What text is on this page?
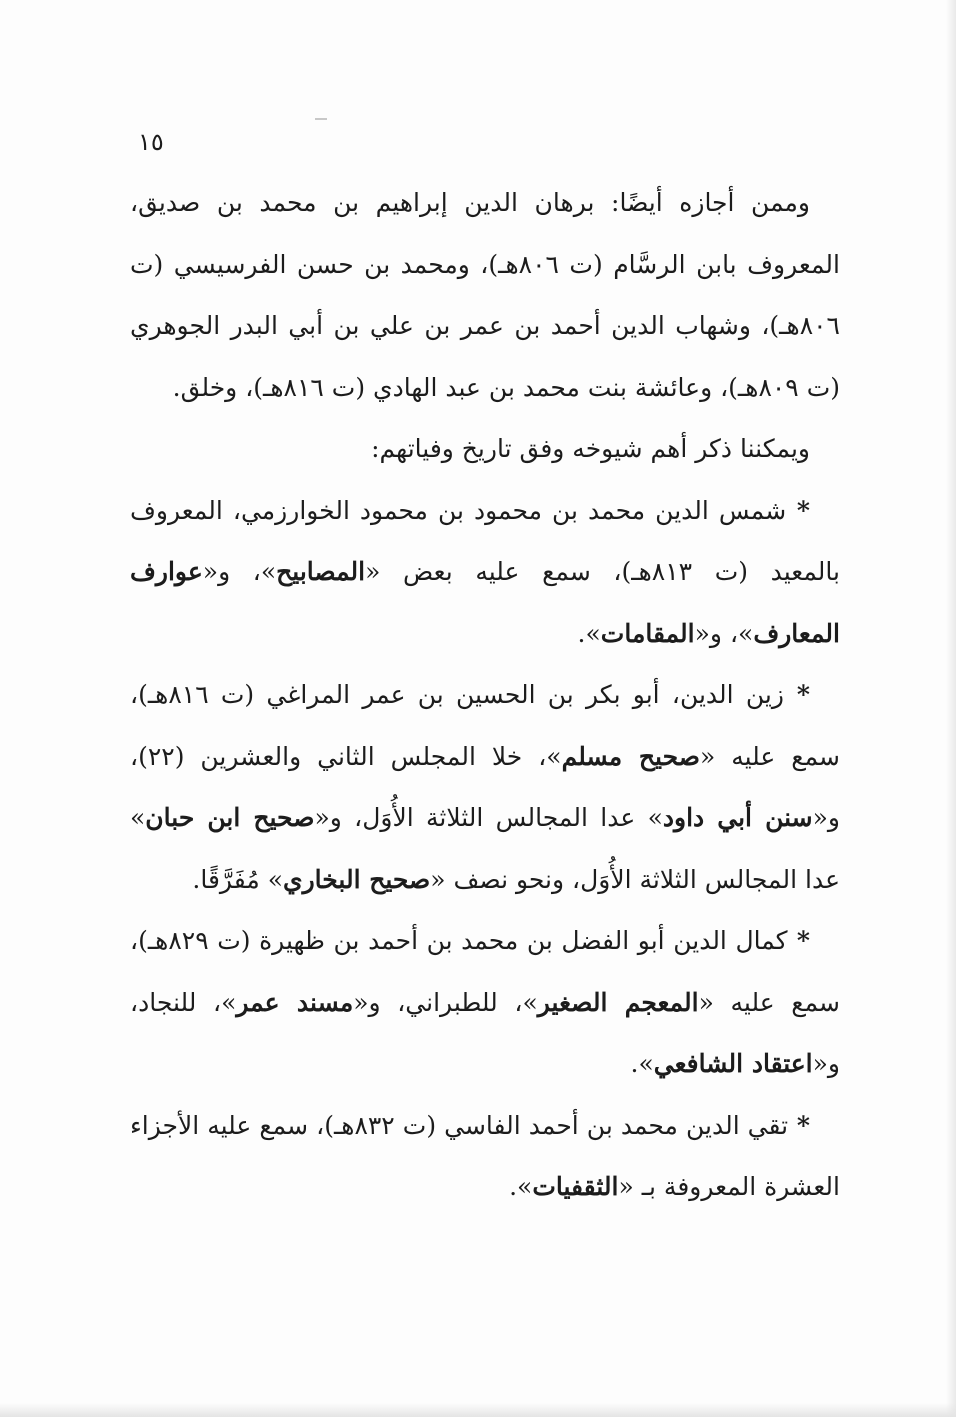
١٥

وممن أجازه أيضًا: برهان الدين إبراهيم بن محمد بن صديق، المعروف بابن الرسَّام (ت ٨٠٦هـ)، ومحمد بن حسن الفرسيسي (ت ٨٠٦هـ)، وشهاب الدين أحمد بن عمر بن علي بن أبي البدر الجوهري (ت ٨٠٩هـ)، وعائشة بنت محمد بن عبد الهادي (ت ٨١٦هـ)، وخلق.

ويمكننا ذكر أهم شيوخه وفق تاريخ وفياتهم:

* شمس الدين محمد بن محمود بن محمود الخوارزمي، المعروف بالمعيد (ت ٨١٣هـ)، سمع عليه بعض «المصابيح»، و«عوارف المعارف»، و«المقامات».

* زين الدين، أبو بكر بن الحسين بن عمر المراغي (ت ٨١٦هـ)، سمع عليه «صحيح مسلم»، خلا المجلس الثاني والعشرين (٢٢)، و«سنن أبي داود» عدا المجالس الثلاثة الأُوَل، و«صحيح ابن حبان» عدا المجالس الثلاثة الأُوَل، ونحو نصف «صحيح البخاري» مُفَرَّقًا.

* كمال الدين أبو الفضل بن محمد بن أحمد بن ظهيرة (ت ٨٢٩هـ)، سمع عليه «المعجم الصغير»، للطبراني، و«مسند عمر»، للنجاد، و«اعتقاد الشافعي».

* تقي الدين محمد بن أحمد الفاسي (ت ٨٣٢هـ)، سمع عليه الأجزاء العشرة المعروفة بـ «الثقفيات».
